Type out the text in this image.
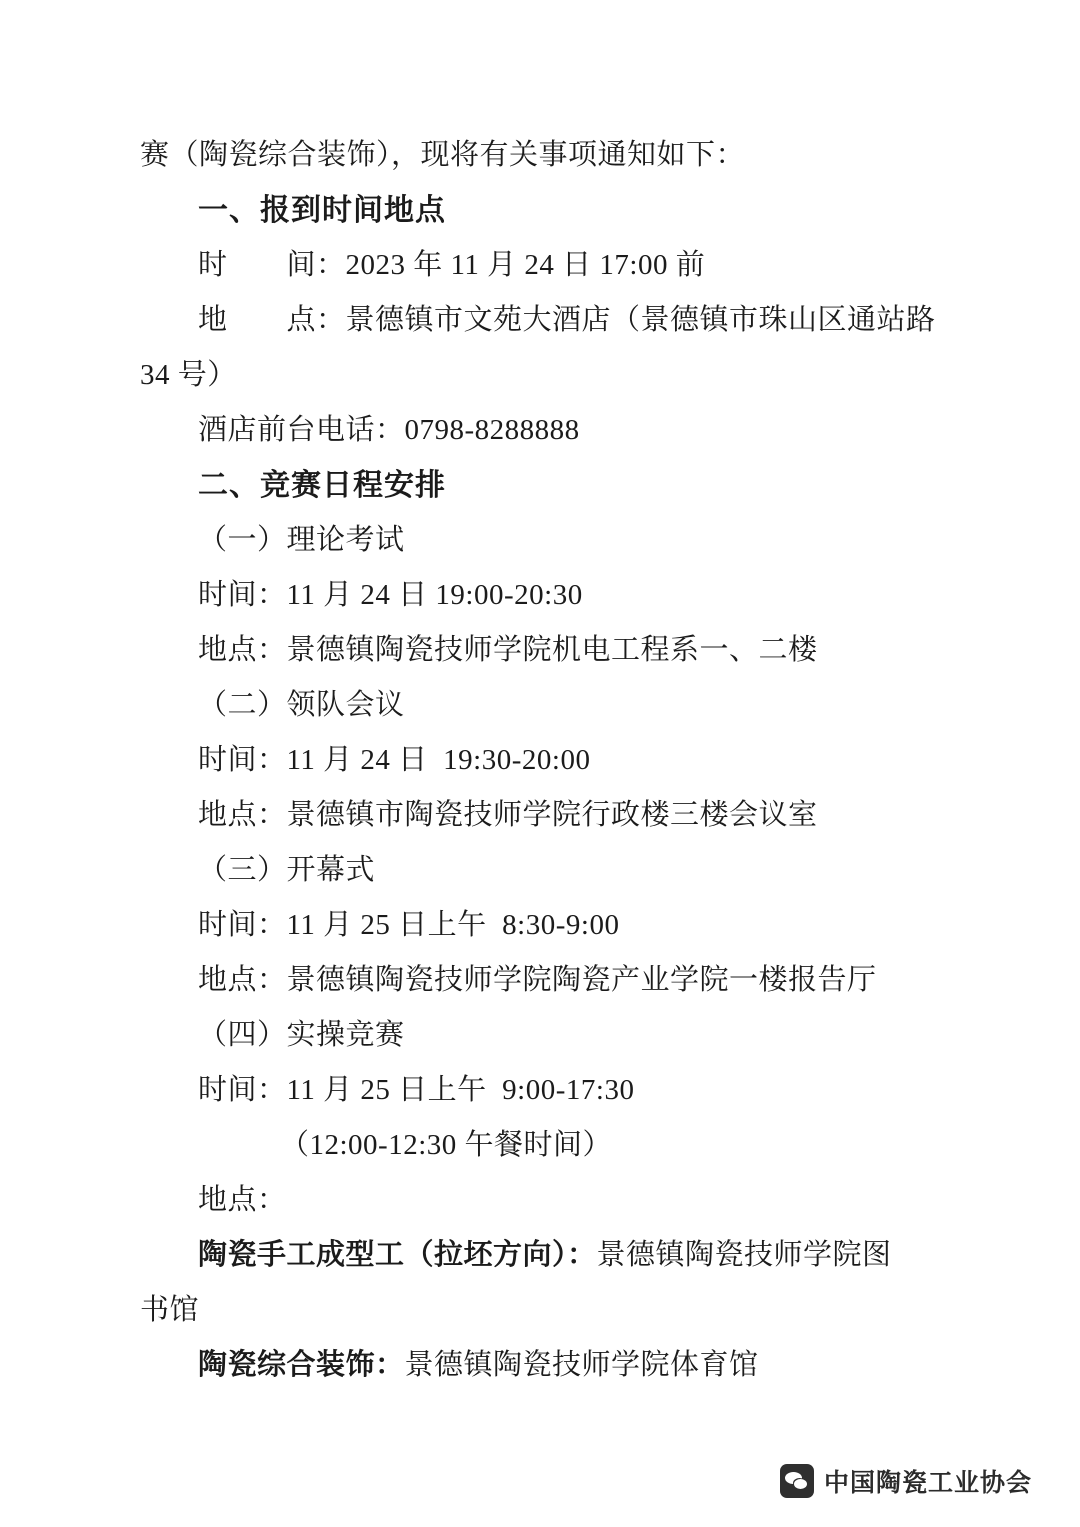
赛（陶瓷综合装饰），现将有关事项通知如下：

一、报到时间地点

时　　间：2023 年 11 月 24 日 17:00 前

地　　点：景德镇市文苑大酒店（景德镇市珠山区通站路

34 号）

酒店前台电话：0798-8288888

二、竞赛日程安排

（一）理论考试

时间：11 月 24 日 19:00-20:30

地点：景德镇陶瓷技师学院机电工程系一、二楼

（二）领队会议

时间：11 月 24 日  19:30-20:00

地点：景德镇市陶瓷技师学院行政楼三楼会议室

（三）开幕式

时间：11 月 25 日上午  8:30-9:00

地点：景德镇陶瓷技师学院陶瓷产业学院一楼报告厅

（四）实操竞赛

时间：11 月 25 日上午  9:00-17:30

（12:00-12:30 午餐时间）

地点：

陶瓷手工成型工（拉坯方向）：景德镇陶瓷技师学院图

书馆

陶瓷综合装饰：景德镇陶瓷技师学院体育馆

中国陶瓷工业协会
